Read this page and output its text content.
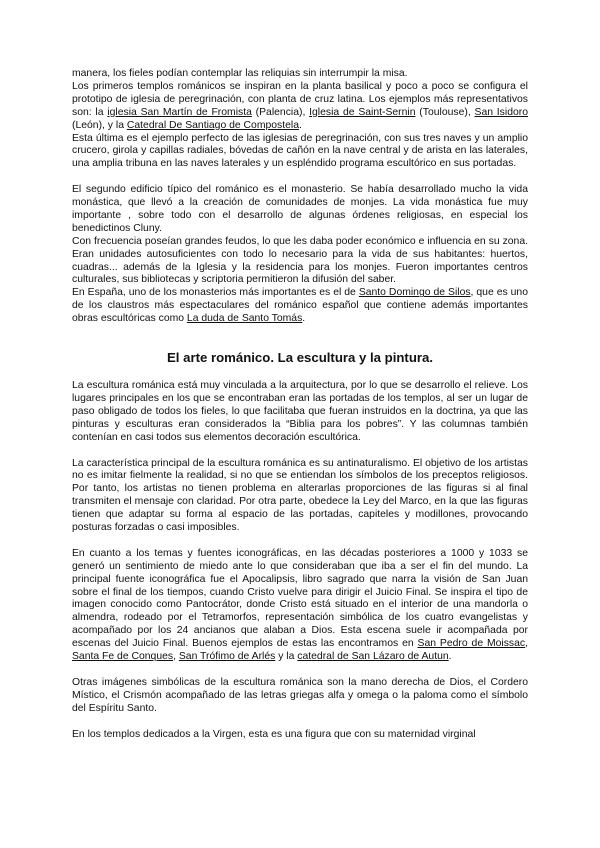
manera, los fieles podían contemplar las reliquias sin interrumpir la misa.

Los primeros templos románicos se inspiran en la planta basilical y poco a poco se configura el prototipo de iglesia de peregrinación, con planta de cruz latina. Los ejemplos más representativos son: la iglesia San Martín de Fromista (Palencia), Iglesia de Saint-Sernin (Toulouse), San Isidoro (León), y la Catedral De Santiago de Compostela.

Esta última es el ejemplo perfecto de las iglesias de peregrinación, con sus tres naves y un amplio crucero, girola y capillas radiales, bóvedas de cañón en la nave central y de arista en las laterales, una amplia tribuna en las naves laterales y un espléndido programa escultórico en sus portadas.

El segundo edificio típico del románico es el monasterio. Se había desarrollado mucho la vida monástica, que llevó a la creación de comunidades de monjes. La vida monástica fue muy importante , sobre todo con el desarrollo de algunas órdenes religiosas, en especial los benedictinos Cluny.

Con frecuencia poseían grandes feudos, lo que les daba poder económico e influencia en su zona. Eran unidades autosuficientes con todo lo necesario para la vida de sus habitantes: huertos, cuadras... además de la Iglesia y la residencia para los monjes. Fueron importantes centros culturales, sus bibliotecas y scriptoria permitieron la difusión del saber.

En España, uno de los monasterios más importantes es el de Santo Domingo de Silos, que es uno de los claustros más espectaculares del románico español que contiene además importantes obras escultóricas como La duda de Santo Tomás.

El arte románico. La escultura y la pintura.

La escultura románica está muy vinculada a la arquitectura, por lo que se desarrollo el relieve. Los lugares principales en los que se encontraban eran las portadas de los templos, al ser un lugar de paso obligado de todos los fieles, lo que facilitaba que fueran instruidos en la doctrina, ya que las pinturas y esculturas eran considerados la “Biblia para los pobres”. Y las columnas también contenían en casi todos sus elementos decoración escultórica.

La característica principal de la escultura románica es su antinaturalismo. El objetivo de los artistas no es imitar fielmente la realidad, si no que se entiendan los símbolos de los preceptos religiosos. Por tanto, los artistas no tienen problema en alterarlas proporciones de las figuras si al final transmiten el mensaje con claridad. Por otra parte, obedece la Ley del Marco, en la que las figuras tienen que adaptar su forma al espacio de las portadas, capiteles y modillones, provocando posturas forzadas o casi imposibles.

En cuanto a los temas y fuentes iconográficas, en las décadas posteriores a 1000 y 1033 se generó un sentimiento de miedo ante lo que consideraban que iba a ser el fin del mundo. La principal fuente iconográfica fue el Apocalipsis, libro sagrado que narra la visión de San Juan sobre el final de los tiempos, cuando Cristo vuelve para dirigir el Juicio Final. Se inspira el tipo de imagen conocido como Pantocrátor, donde Cristo está situado en el interior de una mandorla o almendra, rodeado por el Tetramorfos, representación simbólica de los cuatro evangelistas y acompañado por los 24 ancianos que alaban a Dios. Esta escena suele ir acompañada por escenas del Juicio Final. Buenos ejemplos de estas las encontramos en San Pedro de Moissac, Santa Fe de Conques, San Trófimo de Arlés y la catedral de San Lázaro de Autun.

Otras imágenes simbólicas de la escultura románica son la mano derecha de Dios, el Cordero Místico, el Crismón acompañado de las letras griegas alfa y omega o la paloma como el símbolo del Espíritu Santo.

En los templos dedicados a la Virgen, esta es una figura que con su maternidad virginal
